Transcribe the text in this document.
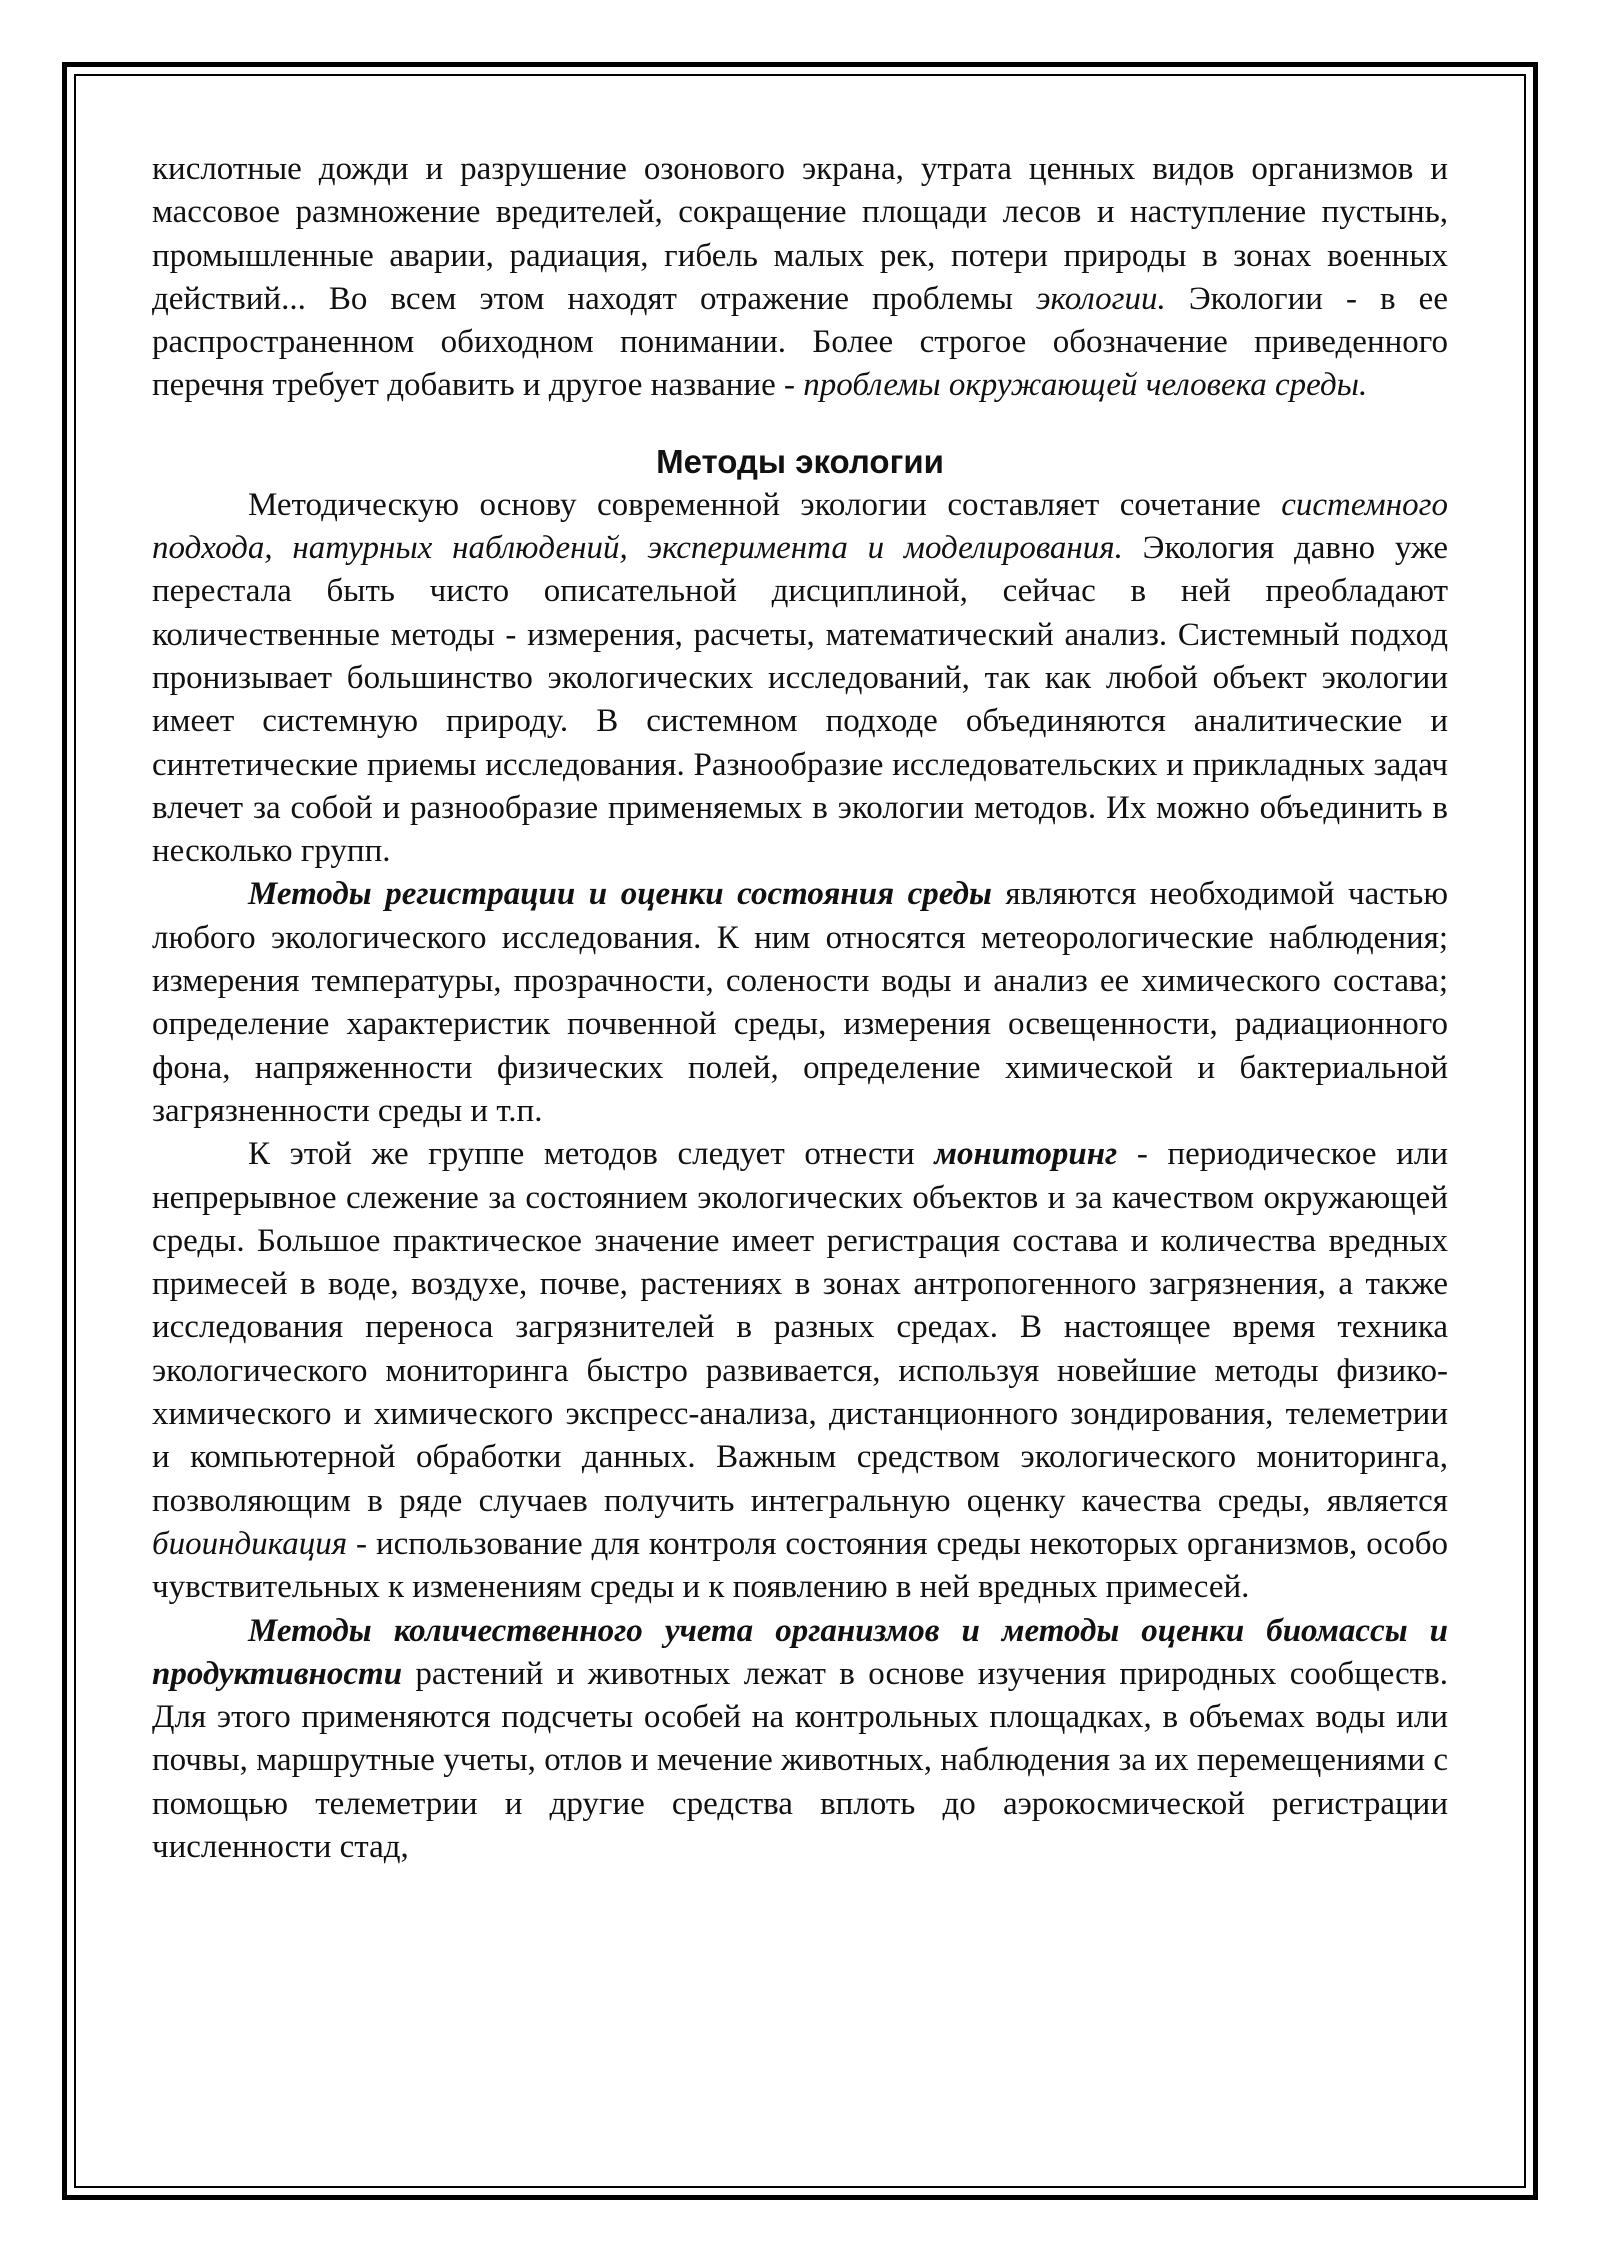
кислотные дожди и разрушение озонового экрана, утрата ценных видов организмов и массовое размножение вредителей, сокращение площади лесов и наступление пустынь, промышленные аварии, радиация, гибель малых рек, потери природы в зонах военных действий... Во всем этом находят отражение проблемы экологии. Экологии - в ее распространенном обиходном понимании. Более строгое обозначение приведенного перечня требует добавить и другое название - проблемы окружающей человека среды.

Методы экологии

Методическую основу современной экологии составляет сочетание системного подхода, натурных наблюдений, эксперимента и моделирования. Экология давно уже перестала быть чисто описательной дисциплиной, сейчас в ней преобладают количественные методы - измерения, расчеты, математический анализ. Системный подход пронизывает большинство экологических исследований, так как любой объект экологии имеет системную природу. В системном подходе объединяются аналитические и синтетические приемы исследования. Разнообразие исследовательских и прикладных задач влечет за собой и разнообразие применяемых в экологии методов. Их можно объединить в несколько групп.

Методы регистрации и оценки состояния среды являются необходимой частью любого экологического исследования. К ним относятся метеорологические наблюдения; измерения температуры, прозрачности, солености воды и анализ ее химического состава; определение характеристик почвенной среды, измерения освещенности, радиационного фона, напряженности физических полей, определение химической и бактериальной загрязненности среды и т.п.

К этой же группе методов следует отнести мониторинг - периодическое или непрерывное слежение за состоянием экологических объектов и за качеством окружающей среды. Большое практическое значение имеет регистрация состава и количества вредных примесей в воде, воздухе, почве, растениях в зонах антропогенного загрязнения, а также исследования переноса загрязнителей в разных средах. В настоящее время техника экологического мониторинга быстро развивается, используя новейшие методы физико-химического и химического экспресс-анализа, дистанционного зондирования, телеметрии и компьютерной обработки данных. Важным средством экологического мониторинга, позволяющим в ряде случаев получить интегральную оценку качества среды, является биоиндикация - использование для контроля состояния среды некоторых организмов, особо чувствительных к изменениям среды и к появлению в ней вредных примесей.

Методы количественного учета организмов и методы оценки биомассы и продуктивности растений и животных лежат в основе изучения природных сообществ. Для этого применяются подсчеты особей на контрольных площадках, в объемах воды или почвы, маршрутные учеты, отлов и мечение животных, наблюдения за их перемещениями с помощью телеметрии и другие средства вплоть до аэрокосмической регистрации численности стад,
